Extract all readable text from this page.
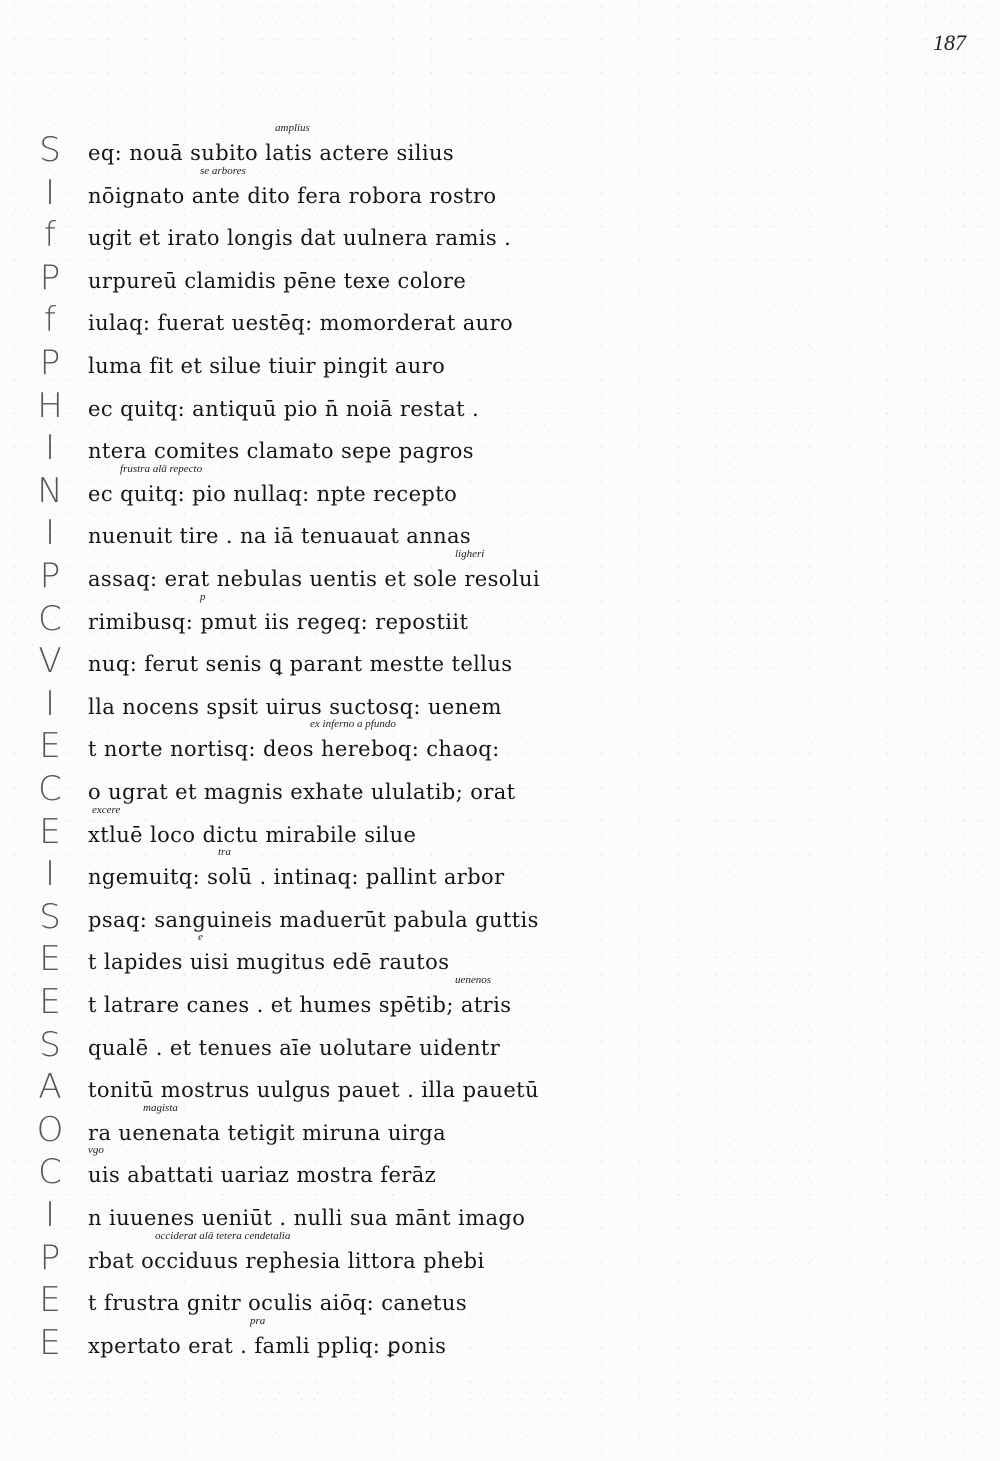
187
S	eq: nouā subito latis actere silius
amplius
I	nōignato ante dito fera robora rostro
se arbores
f	ugit et irato longis dat uulnera ramis .
P	urpureū clamidis pēne texe colore
f	iulaq: fuerat uestēq: momorderat auro
P	luma fit et silue tiuir pingit auro
H	ec quitq: antiquū pio n̄ noiā restat .
I	ntera comites clamato sepe pagros
N	ec quitq: pio nullaq: npte recepto
frustra alā repecto
I	nuenuit tire . na iā tenuauat annas
P	assaq: erat nebulas uentis et sole resolui
ligheri
C	rimibusq: pmut iis regeq: repostiit
p
V	nuq: ferut senis ꝗ parant mestte tellus
I	lla nocens spsit uirus suctosq: uenem
E	t norte nortisq: deos hereboq: chaoq:
ex inferno a pfundo
C	o ugrat et magnis exhate ululatib; orat
E	xtluē loco dictu mirabile silue
excere
I	ngemuitq: solū . intinaq: pallint arbor
tra
S	psaq: sanguineis maduerūt pabula guttis
E	t lapides uisi mugitus edē rautos
e
E	t latrare canes . et humes spētib; atris
uenenos
S	qualē . et tenues aīe uolutare uidentr
A	tonitū mostrus uulgus pauet . illa pauetū
O	ra uenenata tetigit miruna uirga
magista
C	uis abattati uariaz mostra ferāz
vgo
I	n iuuenes ueniūt . nulli sua mānt imago
P	rbat occiduus rephesia littora phebi
occiderat alā tetera cendetalia
E	t frustra gnitr oculis aiōq: canetus
E	xpertato erat . famli ppliq: ꝑonis
pra
